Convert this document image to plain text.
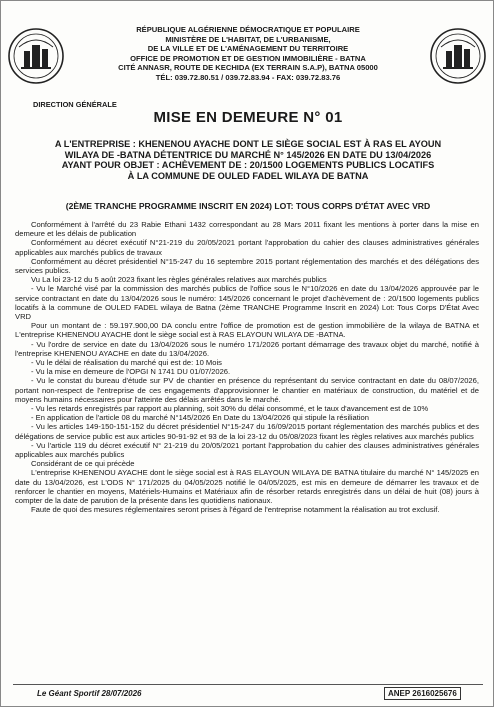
RÉPUBLIQUE ALGÉRIENNE DÉMOCRATIQUE ET POPULAIRE
MINISTÈRE DE L'HABITAT, DE L'URBANISME,
DE LA VILLE ET DE L'AMÉNAGEMENT DU TERRITOIRE
OFFICE DE PROMOTION ET DE GESTION IMMOBILIÈRE - BATNA
CITÉ ANNASR, ROUTE DE KECHIDA (EX TERRAIN S.A.P), BATNA 05000
TÉL: 039.72.80.51 / 039.72.83.94 - FAX: 039.72.83.76
DIRECTION GÉNÉRALE
MISE EN DEMEURE N° 01
A L'ENTREPRISE : KHENENOU AYACHE DONT LE SIÈGE SOCIAL EST À RAS EL AYOUN
WILAYA DE -BATNA DÉTENTRICE DU MARCHÉ N° 145/2026 EN DATE DU 13/04/2026
AYANT POUR OBJET : ACHÈVEMENT DE : 20/1500 LOGEMENTS PUBLICS LOCATIFS
À LA COMMUNE DE OULED FADEL WILAYA DE BATNA
(2ÈME TRANCHE PROGRAMME INSCRIT EN 2024) LOT: TOUS CORPS D'ÉTAT AVEC VRD

Conformément à l'arrêté du 23 Rabie Ethani 1432 correspondant au 28 Mars 2011 fixant les mentions à porter dans la mise en demeure et les délais de publication

Conformément au décret exécutif N°21-219 du 20/05/2021 portant l'approbation du cahier des clauses administratives générales applicables aux marchés publics de travaux

Conformément au décret présidentiel N°15-247 du 16 septembre 2015 portant réglementation des marchés et des délégations des services publics.

Vu La loi 23-12 du 5 août 2023 fixant les règles générales relatives aux marchés publics

- Vu le Marché visé par la commission des marchés publics de l'office sous le N°10/2026 en date du 13/04/2026 approuvée par le service contractant en date du 13/04/2026 sous le numéro: 145/2026 concernant le projet d'achèvement de : 20/1500 logements publics locatifs à la commune de OULED FADEL wilaya de Batna (2ème TRANCHE Programme Inscrit en 2024) Lot: Tous Corps D'État Avec VRD

Pour un montant de : 59.197.900,00 DA conclu entre l'office de promotion est de gestion immobilière de la wilaya de BATNA et L'entreprise KHENENOU AYACHE dont le siège social est à RAS ELAYOUN WILAYA DE -BATNA.

- Vu l'ordre de service en date du 13/04/2026 sous le numéro 171/2026 portant démarrage des travaux objet du marché, notifié à l'entreprise KHENENOU AYACHE en date du 13/04/2026.

- Vu le délai de réalisation du marché qui est de: 10 Mois

- Vu la mise en demeure de l'OPGI N 1741 DU 01/07/2026.

- Vu le constat du bureau d'étude sur PV de chantier en présence du représentant du service contractant en date du 08/07/2026, portant non-respect de l'entreprise de ces engagements d'approvisionner le chantier en matériaux de construction, du matériel et de moyens humains nécessaires pour l'atteinte des délais arrêtés dans le marché.

- Vu les retards enregistrés par rapport au planning, soit 30% du délai consommé, et le taux d'avancement est de 10%

- En application de l'article 08 du marché N°145/2026 En Date du 13/04/2026 qui stipule la résiliation

- Vu les articles 149-150-151-152 du décret présidentiel N°15-247 du 16/09/2015 portant réglementation des marchés publics et des délégations de service public est aux articles 90-91-92 et 93 de la loi 23-12 du 05/08/2023 fixant les règles relatives aux marchés publics

- Vu l'article 119 du décret exécutif N° 21-219 du 20/05/2021 portant l'approbation du cahier des clauses administratives générales applicables aux marchés publics

Considérant de ce qui précède

L'entreprise KHENENOU AYACHE dont le siège social est à RAS ELAYOUN WILAYA DE BATNA titulaire du marché N° 145/2025 en date du 13/04/2026, est L'ODS N° 171/2025 du 04/05/2025 notifié le 04/05/2025, est mis en demeure de démarrer les travaux et de renforcer le chantier en moyens, Matériels-Humains et Matériaux afin de résorber retards enregistrés dans un délai de huit (08) jours à compter de la date de parution de la présente dans les quotidiens nationaux.

Faute de quoi des mesures réglementaires seront prises à l'égard de l'entreprise notamment la réalisation au trot exclusif.

Le Géant Sportif 28/07/2026	ANEP 2616025676
